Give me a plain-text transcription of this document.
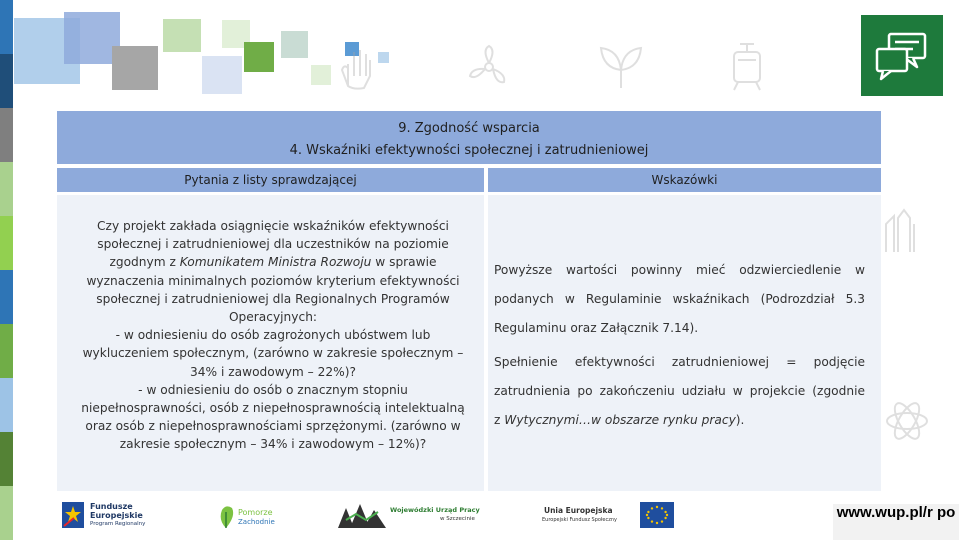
9. Zgodność wsparcia
4. Wskaźniki efektywności społecznej i zatrudnieniowej
Pytania z listy sprawdzającej	Wskazówki
Czy projekt zakłada osiągnięcie wskaźników efektywności
społecznej i zatrudnieniowej dla uczestników na poziomie
zgodnym z Komunikatem Ministra Rozwoju w sprawie
wyznaczenia minimalnych poziomów kryterium efektywności
społecznej i zatrudnieniowej dla Regionalnych Programów
Operacyjnych:
- w odniesieniu do osób zagrożonych ubóstwem lub
wykluczeniem społecznym, (zarówno w zakresie społecznym –
34% i zawodowym – 22%)?
- w odniesieniu do osób o znacznym stopniu
niepełnosprawności, osób z niepełnosprawnością intelektualną
oraz osób z niepełnosprawnościami sprzężonymi. (zarówno w
zakresie społecznym – 34% i zawodowym – 12%)?
Powyższe wartości powinny mieć odzwierciedlenie w
podanych w Regulaminie wskaźnikach (Podrozdział 5.3
Regulaminu oraz Załącznik 7.14).
Spełnienie efektywności zatrudnieniowej = podjęcie
zatrudnienia po zakończeniu udziału w projekcie (zgodnie
z Wytycznymi…w obszarze rynku pracy).
Fundusze
Europejskie
Program Regionalny
Pomorze
Zachodnie
Wojewódzki Urząd Pracy
w Szczecinie
Unia Europejska
Europejski Fundusz Społeczny	www.wup.pl/r po
